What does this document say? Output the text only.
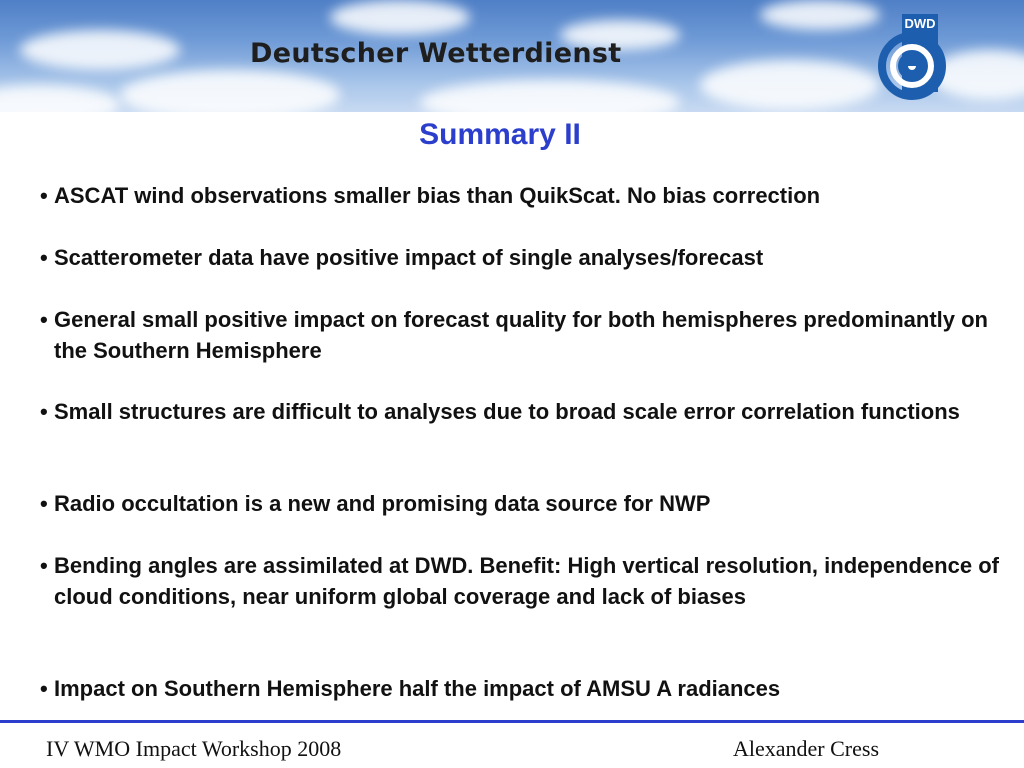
Deutscher Wetterdienst
DWD
Summary II
• ASCAT wind observations smaller bias than QuikScat. No bias correction
• Scatterometer data have positive impact of single analyses/forecast
• General small positive impact on forecast quality for both hemispheres predominantly on the Southern Hemisphere
• Small structures are difficult to analyses due to broad scale error correlation functions
• Radio occultation is a new and promising data source for NWP
• Bending angles are assimilated at DWD. Benefit: High vertical resolution, independence of cloud conditions, near uniform global coverage and lack of biases
• Impact on Southern Hemisphere half the impact of AMSU A radiances
IV WMO Impact Workshop 2008	Alexander Cress
